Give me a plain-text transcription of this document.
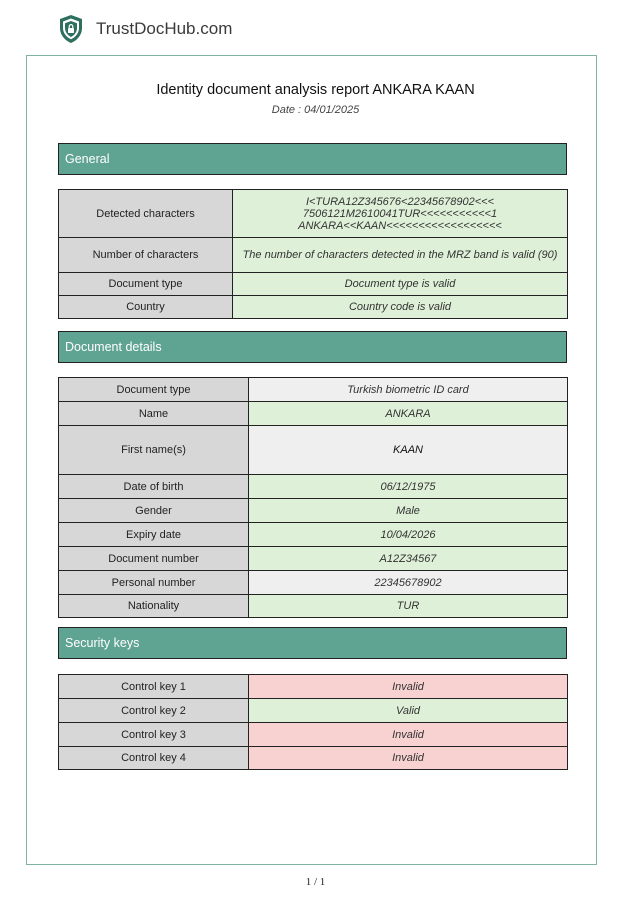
TrustDocHub.com
Identity document analysis report ANKARA KAAN
Date : 04/01/2025
General
Detected characters	I<TURA12Z345676<22345678902<<<
7506121M2610041TUR<<<<<<<<<<<1
ANKARA<<KAAN<<<<<<<<<<<<<<<<<<

Number of characters	The number of characters detected in the MRZ band is valid (90)
Document type	Document type is valid
Country	Country code is valid
Document details
Document type	Turkish biometric ID card
Name	ANKARA
First name(s)	KAAN
Date of birth	06/12/1975
Gender	Male
Expiry date	10/04/2026
Document number	A12Z34567
Personal number	22345678902
Nationality	TUR
Security keys
Control key 1	Invalid
Control key 2	Valid
Control key 3	Invalid
Control key 4	Invalid
1 / 1
